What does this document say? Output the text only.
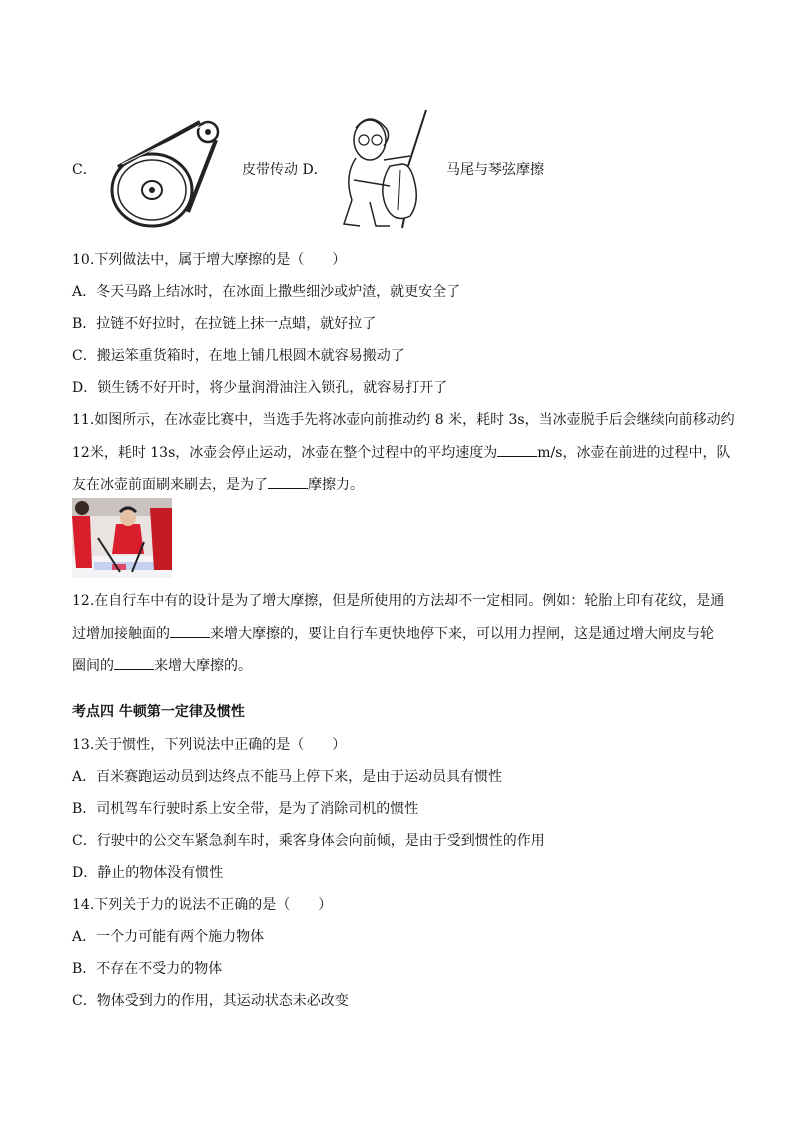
C．	皮带传动 D．	马尾与琴弦摩擦
10.下列做法中，属于增大摩擦的是（　　）
A．冬天马路上结冰时，在冰面上撒些细沙或炉渣，就更安全了
B．拉链不好拉时，在拉链上抹一点蜡，就好拉了
C．搬运笨重货箱时，在地上铺几根圆木就容易搬动了
D．锁生锈不好开时，将少量润滑油注入锁孔，就容易打开了
11.如图所示，在冰壶比赛中，当选手先将冰壶向前推动约 8 米，耗时 3s，当冰壶脱手后会继续向前移动约
12米，耗时 13s，冰壶会停止运动，冰壶在整个过程中的平均速度为	m/s，冰壶在前进的过程中，队
友在冰壶前面刷来刷去，是为了	摩擦力。
12.在自行车中有的设计是为了增大摩擦，但是所使用的方法却不一定相同。例如：轮胎上印有花纹，是通
过增加接触面的	来增大摩擦的，要让自行车更快地停下来，可以用力捏闸，这是通过增大闸皮与轮
圈间的	来增大摩擦的。
考点四 牛顿第一定律及惯性
13.关于惯性，下列说法中正确的是（　　）
A．百米赛跑运动员到达终点不能马上停下来，是由于运动员具有惯性
B．司机驾车行驶时系上安全带，是为了消除司机的惯性
C．行驶中的公交车紧急刹车时，乘客身体会向前倾，是由于受到惯性的作用
D．静止的物体没有惯性
14.下列关于力的说法不正确的是（　　）
A．一个力可能有两个施力物体
B．不存在不受力的物体
C．物体受到力的作用，其运动状态未必改变
